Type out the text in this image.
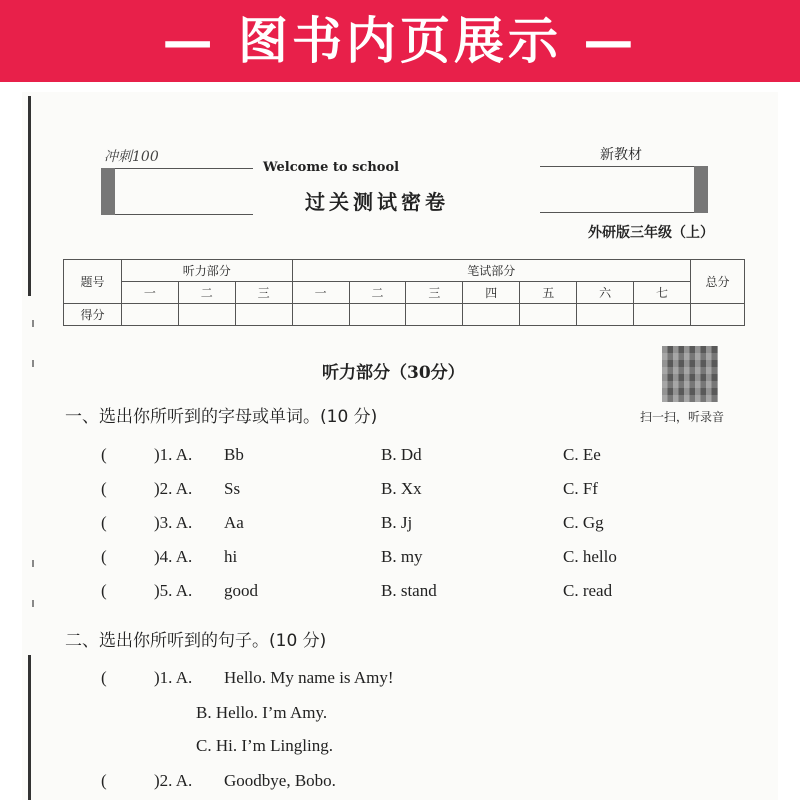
— 图书内页展示 —
冲刺100
Welcome to school
过关测试密卷
新教材
外研版三年级（上）
题号	听力部分			笔试部分							总分
	一	二	三	一	二	三	四	五	六	七	
得分											
听力部分（30分）
扫一扫，听录音
一、选出你所听到的字母或单词。(10 分)
(	)1. A. Bb	B. Dd	C. Ee
(	)2. A. Ss	B. Xx	C. Ff
(	)3. A. Aa	B. Jj	C. Gg
(	)4. A. hi	B. my	C. hello
(	)5. A. good	B. stand	C. read
二、选出你所听到的句子。(10 分)
(	)1. A. Hello. My name is Amy!
B. Hello. I’m Amy.
C. Hi. I’m Lingling.
(	)2. A. Goodbye, Bobo.
